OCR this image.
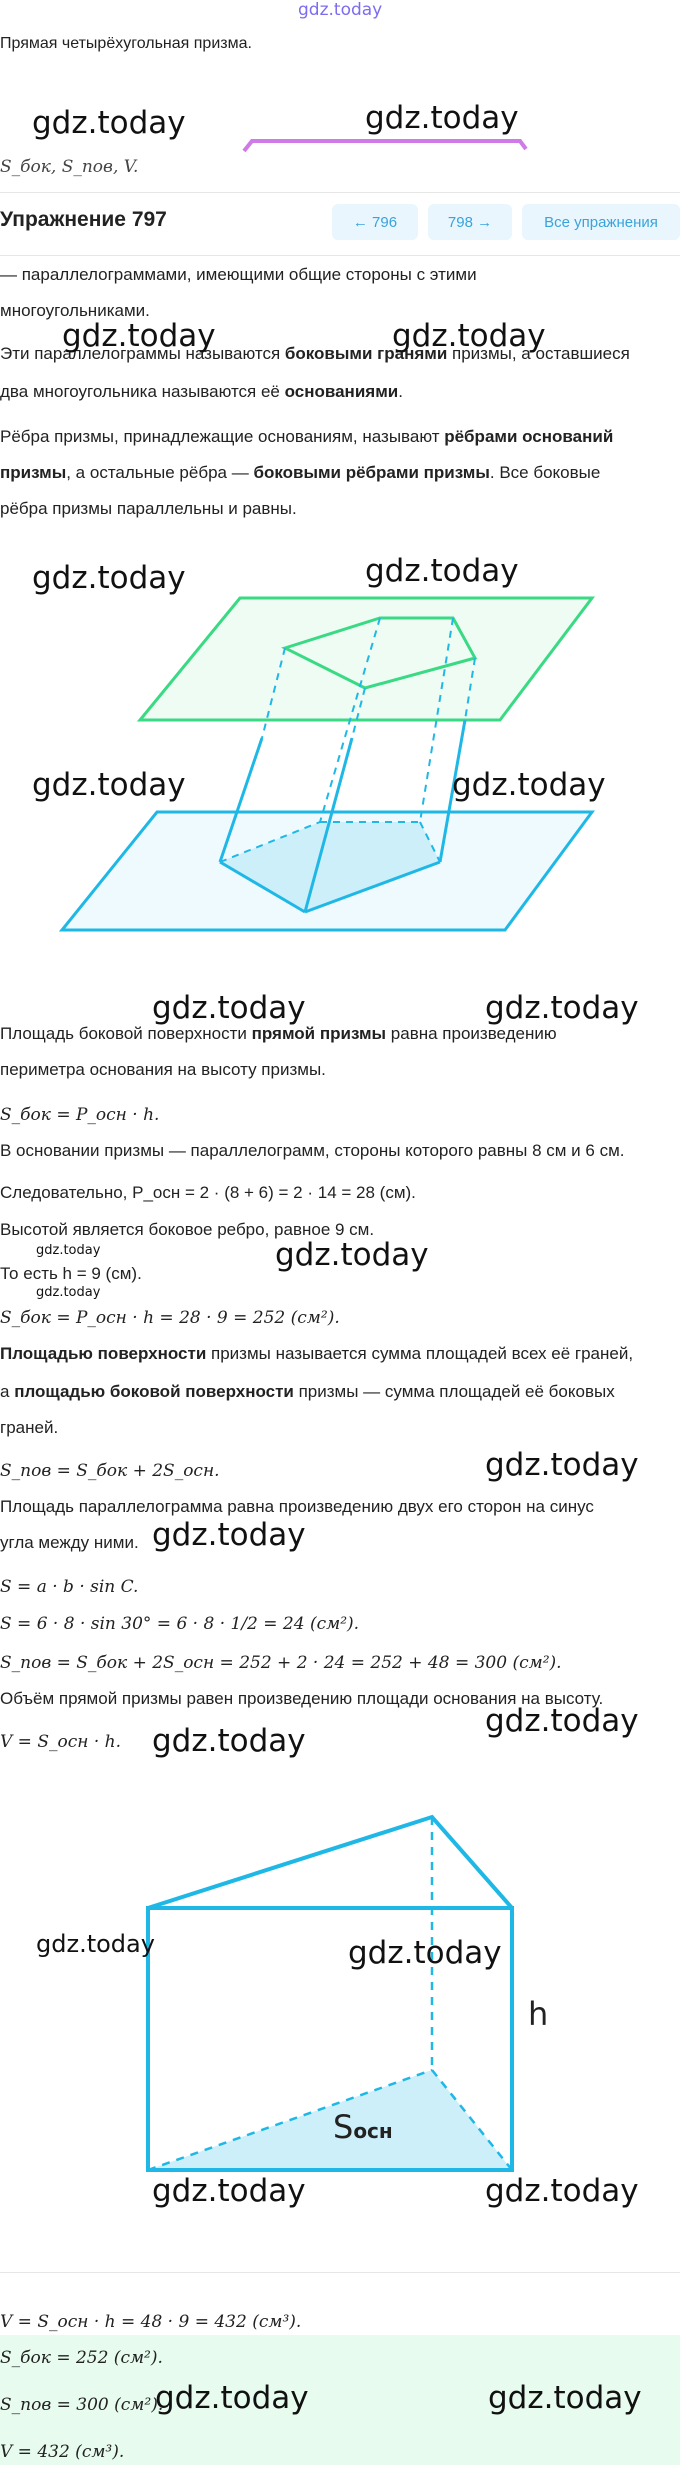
gdz.today
Прямая четырёхугольная призма.
S_бок, S_пов, V.
Упражнение 797	← 796	798 →	Все упражнения
— параллелограммами, имеющими общие стороны с этими
многоугольниками.
Эти параллелограммы называются боковыми гранями призмы, а оставшиеся
два многоугольника называются её основаниями.
Рёбра призмы, принадлежащие основаниям, называют рёбрами оснований
призмы, а остальные рёбра — боковыми рёбрами призмы. Все боковые
рёбра призмы параллельны и равны.
Площадь боковой поверхности прямой призмы равна произведению
периметра основания на высоту призмы.
S_бок = P_осн · h.
В основании призмы — параллелограмм, стороны которого равны 8 см и 6 см.
Следовательно, P_осн = 2 · (8 + 6) = 2 · 14 = 28 (см).
Высотой является боковое ребро, равное 9 см.
То есть h = 9 (см).
S_бок = P_осн · h = 28 · 9 = 252 (см²).
Площадью поверхности призмы называется сумма площадей всех её граней,
а площадью боковой поверхности призмы — сумма площадей её боковых
граней.
S_пов = S_бок + 2S_осн.
Площадь параллелограмма равна произведению двух его сторон на синус
угла между ними.
S = a · b · sin C.
S = 6 · 8 · sin 30° = 6 · 8 · 1/2 = 24 (см²).
S_пов = S_бок + 2S_осн = 252 + 2 · 24 = 252 + 48 = 300 (см²).
Объём прямой призмы равен произведению площади основания на высоту.
V = S_осн · h.
h
Sосн
V = S_осн · h = 48 · 9 = 432 (см³).
S_бок = 252 (см²).
S_пов = 300 (см²).
V = 432 (см³).
gdz.today	gdz.today
gdz.today	gdz.today
gdz.today	gdz.today
gdz.today	gdz.today
gdz.today	gdz.today
gdz.today
gdz.today
gdz.today
gdz.today
gdz.today
gdz.today
gdz.today
gdz.today	gdz.today
gdz.today	gdz.today
gdz.today	gdz.today
